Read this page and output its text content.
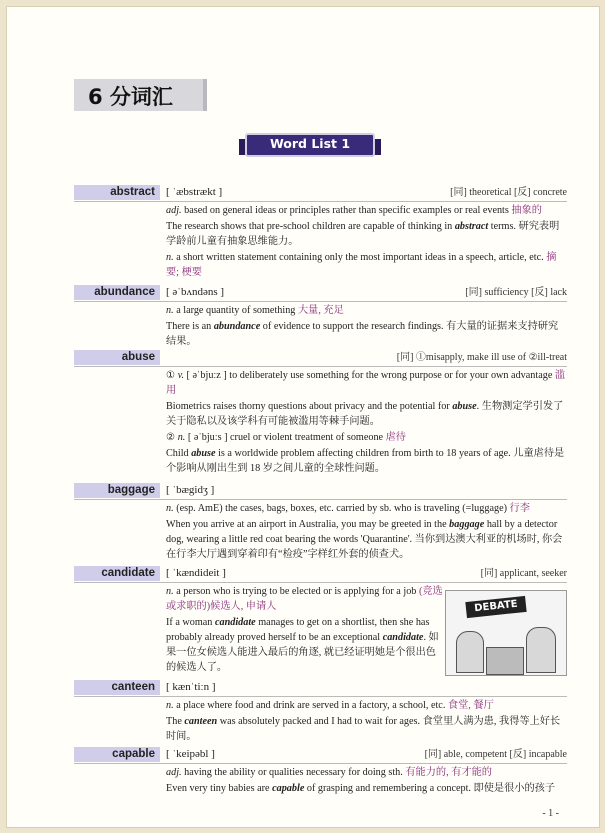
6 分词汇
Word List 1
abstract	[ ˈæbstrækt ]	[同] theoretical [反] concrete

adj. based on general ideas or principles rather than specific examples or real events 抽象的

The research shows that pre-school children are capable of thinking in abstract terms. 研究表明学龄前儿童有抽象思维能力。

n. a short written statement containing only the most important ideas in a speech, article, etc. 摘要; 梗要

abundance	[ əˈbʌndəns ]	[同] sufficiency [反] lack

n. a large quantity of something 大量, 充足

There is an abundance of evidence to support the research findings. 有大量的证据来支持研究结果。

abuse	[同] ①misapply, make ill use of ②ill-treat

① v. [ əˈbjuːz ] to deliberately use something for the wrong purpose or for your own advantage 滥用

Biometrics raises thorny questions about privacy and the potential for abuse. 生物测定学引发了关于隐私以及该学科有可能被滥用等棘手问题。

② n. [ əˈbjuːs ] cruel or violent treatment of someone 虐待

Child abuse is a worldwide problem affecting children from birth to 18 years of age. 儿童虐待是个影响从刚出生到 18 岁之间儿童的全球性问题。

baggage	[ ˈbægidʒ ]

n. (esp. AmE) the cases, bags, boxes, etc. carried by sb. who is traveling (=luggage) 行李

When you arrive at an airport in Australia, you may be greeted in the baggage hall by a detector dog, wearing a little red coat bearing the words 'Quarantine'. 当你到达澳大利亚的机场时, 你会在行李大厅遇到穿着印有“检疫”字样红外套的侦查犬。

candidate	[ ˈkændideit ]	[同] applicant, seeker

n. a person who is trying to be elected or is applying for a job (竞选或求职的)候选人, 申请人

If a woman candidate manages to get on a shortlist, then she has probably already proved herself to be an exceptional candidate. 如果一位女候选人能进入最后的角逐, 就已经证明她是个很出色的候选人了。

DEBATE
canteen	[ kænˈtiːn ]

n. a place where food and drink are served in a factory, a school, etc. 食堂, 餐厅

The canteen was absolutely packed and I had to wait for ages. 食堂里人满为患, 我得等上好长时间。

capable	[ ˈkeipəbl ]	[同] able, competent [反] incapable

adj. having the ability or qualities necessary for doing sth. 有能力的, 有才能的

Even very tiny babies are capable of grasping and remembering a concept. 即使是很小的孩子

- 1 -
